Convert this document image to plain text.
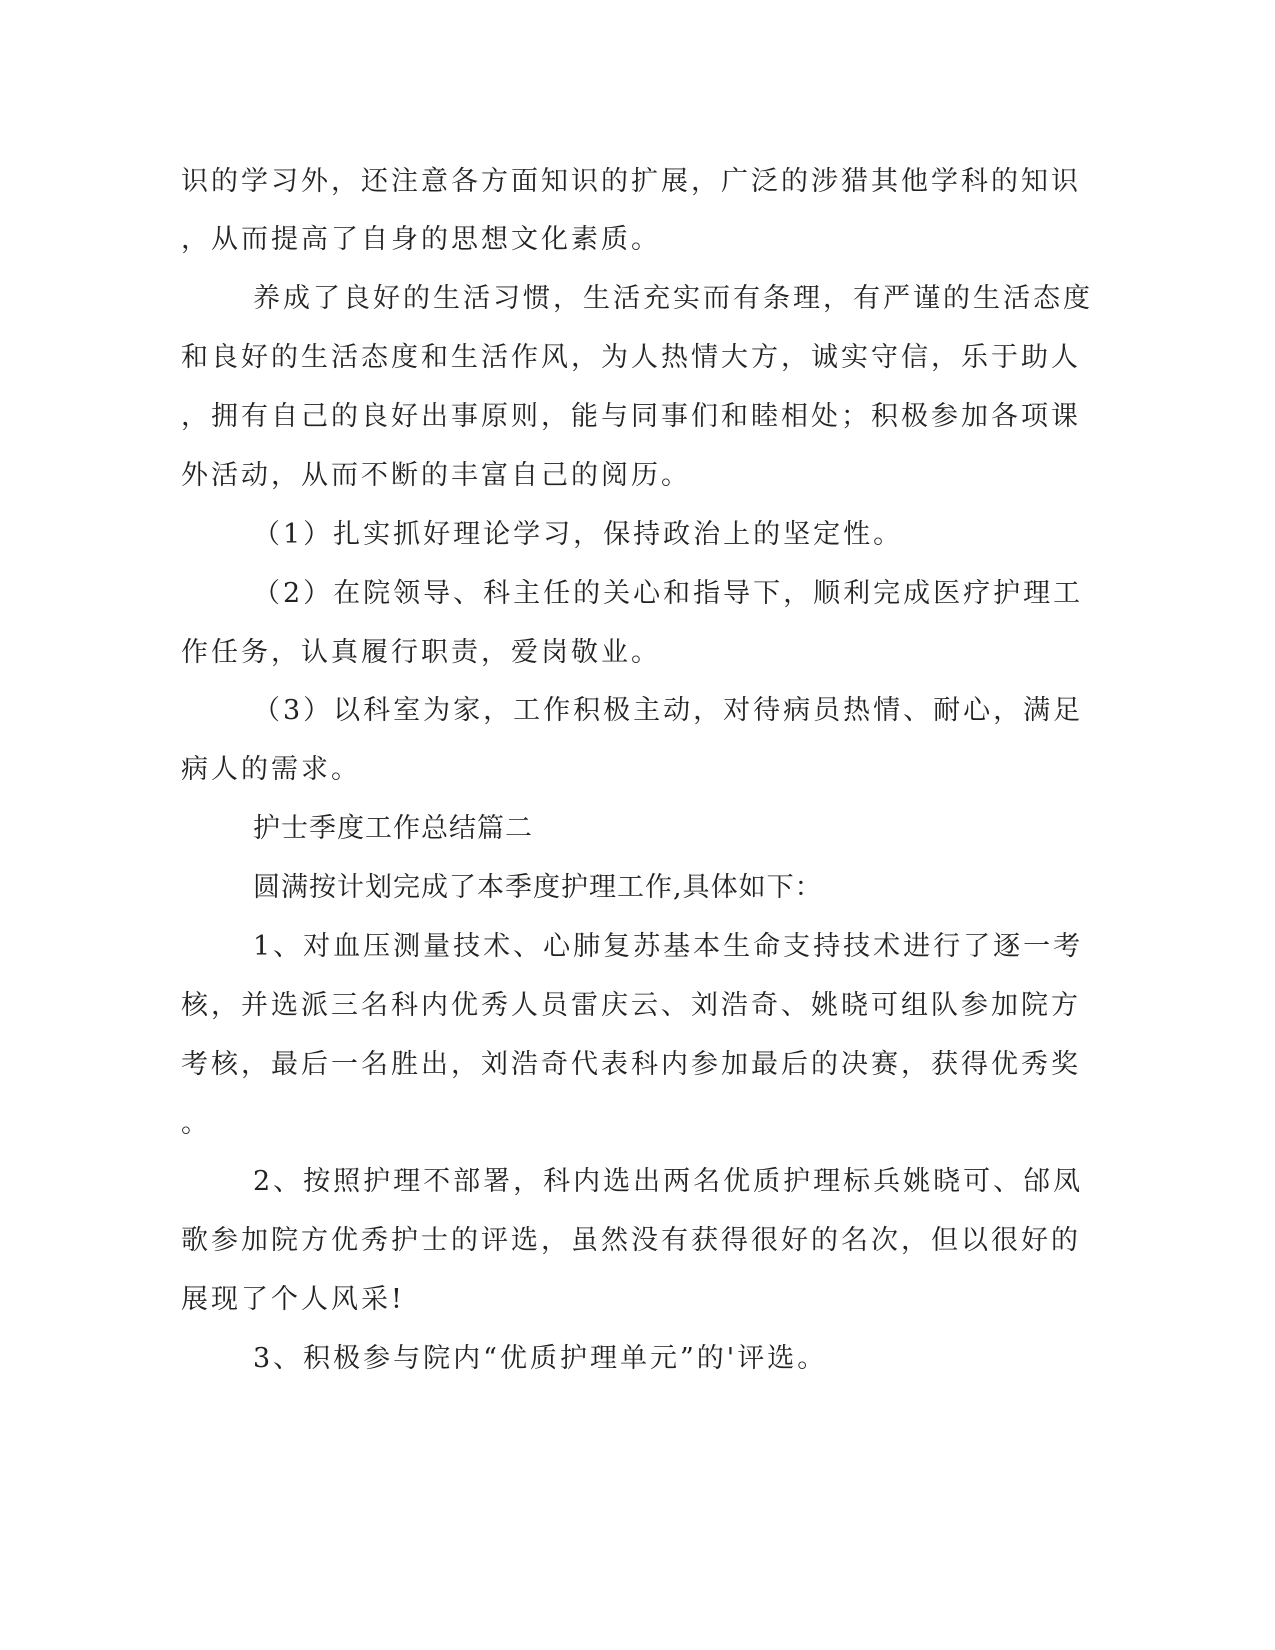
识的学习外，还注意各方面知识的扩展，广泛的涉猎其他学科的知识
，从而提高了自身的思想文化素质。
养成了良好的生活习惯，生活充实而有条理，有严谨的生活态度
和良好的生活态度和生活作风，为人热情大方，诚实守信，乐于助人
，拥有自己的良好出事原则，能与同事们和睦相处；积极参加各项课
外活动，从而不断的丰富自己的阅历。
（1）扎实抓好理论学习，保持政治上的坚定性。
（2）在院领导、科主任的关心和指导下，顺利完成医疗护理工
作任务，认真履行职责，爱岗敬业。
（3）以科室为家，工作积极主动，对待病员热情、耐心，满足
病人的需求。
护士季度工作总结篇二
圆满按计划完成了本季度护理工作,具体如下：
1、对血压测量技术、心肺复苏基本生命支持技术进行了逐一考
核，并选派三名科内优秀人员雷庆云、刘浩奇、姚晓可组队参加院方
考核，最后一名胜出，刘浩奇代表科内参加最后的决赛，获得优秀奖
。
2、按照护理不部署，科内选出两名优质护理标兵姚晓可、邰凤
歌参加院方优秀护士的评选，虽然没有获得很好的名次，但以很好的
展现了个人风采!
3、积极参与院内“优质护理单元”的'评选。
